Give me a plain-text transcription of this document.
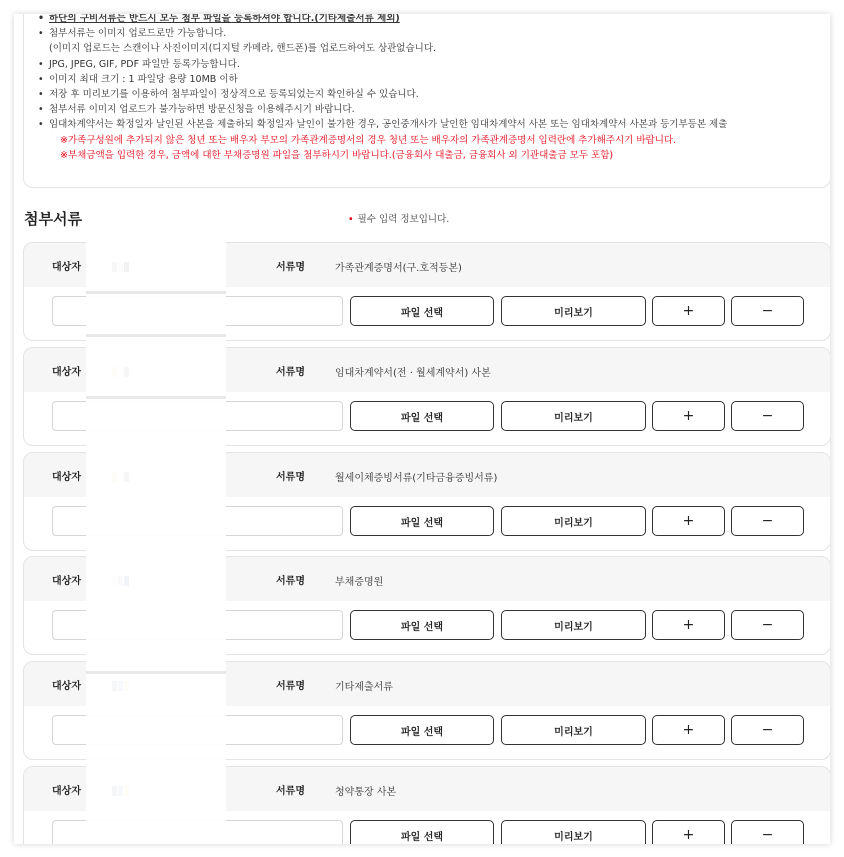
• 하단의 구비서류는 반드시 모두 첨부 파일을 등록하셔야 합니다.(기타제출서류 제외)
• 첨부서류는 이미지 업로드로만 가능합니다.
(이미지 업로드는 스캔이나 사진이미지(디지털 카메라, 핸드폰)를 업로드하여도 상관없습니다.
• JPG, JPEG, GIF, PDF 파일만 등록가능합니다.
• 이미지 최대 크기 : 1 파일당 용량 10MB 이하
• 저장 후 미리보기를 이용하여 첨부파일이 정상적으로 등록되었는지 확인하실 수 있습니다.
• 첨부서류 이미지 업로드가 불가능하면 방문신청을 이용해주시기 바랍니다.
• 임대차계약서는 확정일자 날인된 사본을 제출하되 확정일자 날인이 불가한 경우, 공인중개사가 날인한 임대차계약서 사본 또는 임대차계약서 사본과 등기부등본 제출
※가족구성원에 추가되지 않은 청년 또는 배우자 부모의 가족관계증명서의 경우 청년 또는 배우자의 가족관계증명서 입력란에 추가해주시기 바랍니다.
※부채금액을 입력한 경우, 금액에 대한 부채증명원 파일을 첨부하시기 바랍니다.(금융회사 대출금, 금융회사 외 기관대출금 모두 포함)
첨부서류	• 필수 입력 정보입니다.
대상자	서류명	가족관계증명서(구.호적등본)
파일 선택	미리보기	+	−
대상자	서류명	임대차계약서(전 · 월세계약서) 사본
파일 선택	미리보기	+	−
대상자	서류명	월세이체증빙서류(기타금융증빙서류)
파일 선택	미리보기	+	−
대상자	서류명	부채증명원
파일 선택	미리보기	+	−
대상자	서류명	기타제출서류
파일 선택	미리보기	+	−
대상자	서류명	청약통장 사본
파일 선택	미리보기	+	−
